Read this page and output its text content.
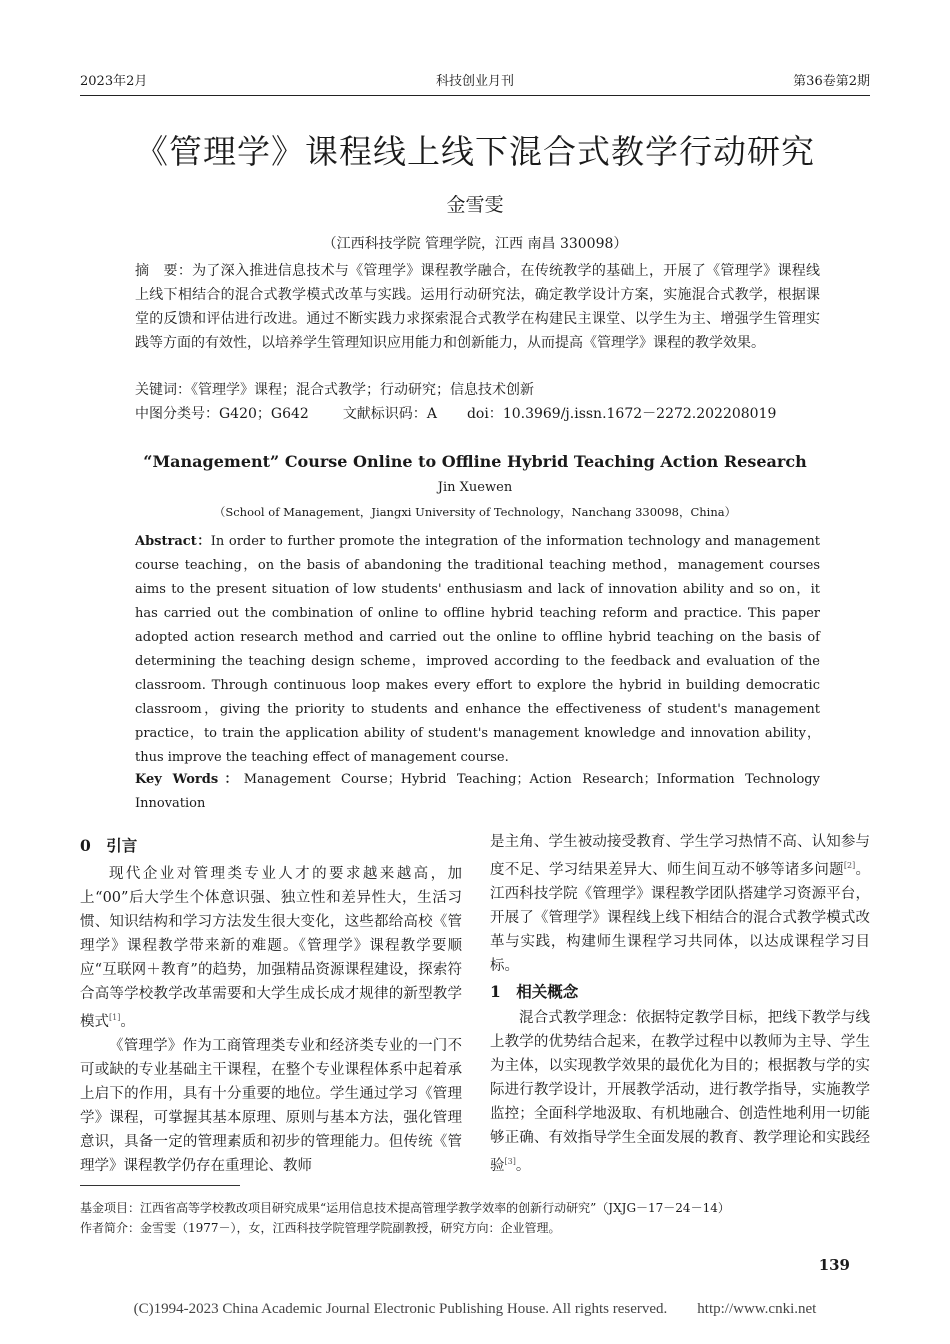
2023年2月	科技创业月刊	第36卷第2期
《管理学》课程线上线下混合式教学行动研究
金雪雯
（江西科技学院 管理学院，江西 南昌 330098）
摘　要：为了深入推进信息技术与《管理学》课程教学融合，在传统教学的基础上，开展了《管理学》课程线上线下相结合的混合式教学模式改革与实践。运用行动研究法，确定教学设计方案，实施混合式教学，根据课堂的反馈和评估进行改进。通过不断实践力求探索混合式教学在构建民主课堂、以学生为主、增强学生管理实践等方面的有效性，以培养学生管理知识应用能力和创新能力，从而提高《管理学》课程的教学效果。
关键词：《管理学》课程；混合式教学；行动研究；信息技术创新
中图分类号：G420；G642 文献标识码：A doi：10.3969/j.issn.1672－2272.202208019
“Management” Course Online to Offline Hybrid Teaching Action Research
Jin Xuewen
（School of Management，Jiangxi University of Technology，Nanchang 330098，China）
Abstract：In order to further promote the integration of the information technology and management course teaching，on the basis of abandoning the traditional teaching method，management courses aims to the present situation of low students' enthusiasm and lack of innovation ability and so on，it has carried out the combination of online to offline hybrid teaching reform and practice. This paper adopted action research method and carried out the online to offline hybrid teaching on the basis of determining the teaching design scheme，improved according to the feedback and evaluation of the classroom. Through continuous loop makes every effort to explore the hybrid in building democratic classroom，giving the priority to students and enhance the effectiveness of student's management practice，to train the application ability of student's management knowledge and innovation ability，thus improve the teaching effect of management course.
Key Words：Management Course；Hybrid Teaching；Action Research；Information Technology Innovation
0　引言

现代企业对管理类专业人才的要求越来越高，加上“00”后大学生个体意识强、独立性和差异性大，生活习惯、知识结构和学习方法发生很大变化，这些都给高校《管理学》课程教学带来新的难题。《管理学》课程教学要顺应“互联网＋教育”的趋势，加强精品资源课程建设，探索符合高等学校教学改革需要和大学生成长成才规律的新型教学模式[1]。

《管理学》作为工商管理类专业和经济类专业的一门不可或缺的专业基础主干课程，在整个专业课程体系中起着承上启下的作用，具有十分重要的地位。学生通过学习《管理学》课程，可掌握其基本原理、原则与基本方法，强化管理意识，具备一定的管理素质和初步的管理能力。但传统《管理学》课程教学仍存在重理论、教师

是主角、学生被动接受教育、学生学习热情不高、认知参与度不足、学习结果差异大、师生间互动不够等诸多问题[2]。江西科技学院《管理学》课程教学团队搭建学习资源平台，开展了《管理学》课程线上线下相结合的混合式教学模式改革与实践，构建师生课程学习共同体，以达成课程学习目标。

1　相关概念

混合式教学理念：依据特定教学目标，把线下教学与线上教学的优势结合起来，在教学过程中以教师为主导、学生为主体，以实现教学效果的最优化为目的；根据教与学的实际进行教学设计，开展教学活动，进行教学指导，实施教学监控；全面科学地汲取、有机地融合、创造性地利用一切能够正确、有效指导学生全面发展的教育、教学理论和实践经验[3]。

基金项目：江西省高等学校教改项目研究成果“运用信息技术提高管理学教学效率的创新行动研究”（JXJG－17－24－14）
作者简介：金雪雯（1977－），女，江西科技学院管理学院副教授，研究方向：企业管理。
139
(C)1994-2023 China Academic Journal Electronic Publishing House. All rights reserved.　　http://www.cnki.net
